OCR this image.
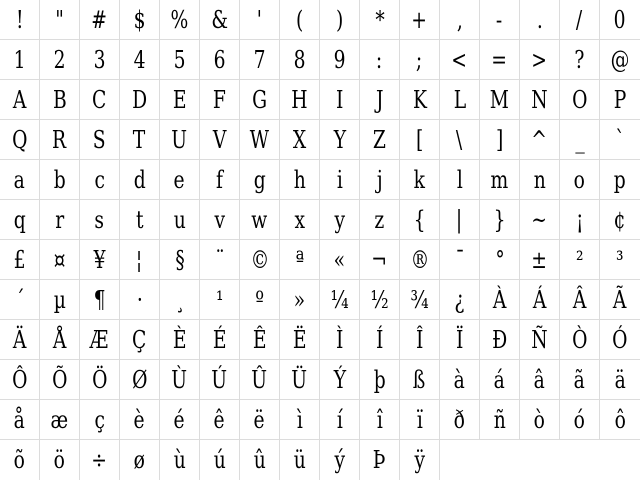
! " # $ % & ' ( ) * + , - . / 0
1 2 3 4 5 6 7 8 9 : ; < = > ? @
A B C D E F G H I J K L M N O P
Q R S T U V W X Y Z [ \ ] ^ _ `
a b c d e f g h i j k l m n o p
q r s t u v w x y z { | } ~ ¡ ¢
£ ¤ ¥ ¦ § ¨ © ª « ¬ ® ¯ ° ± ² ³
´ µ ¶ · ¸ ¹ º » ¼ ½ ¾ ¿ À Á Â Ã
Ä Å Æ Ç È É Ê Ë Ì Í Î Ï Ð Ñ Ò Ó
Ô Õ Ö Ø Ù Ú Û Ü Ý þ ß à á â ã ä
å æ ç è é ê ë ì í î ï ð ñ ò ó ô
õ ö ÷ ø ù ú û ü ý Þ ÿ
